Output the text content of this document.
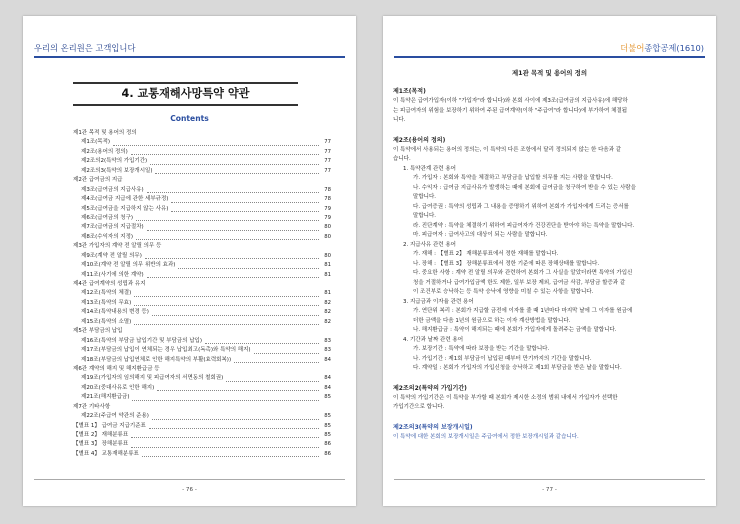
우리의 온리원은 고객입니다
4. 교통재해사망특약 약관
Contents
제1관 목적 및 용어의 정의
제1조(목적)	77
제2조(용어의 정의)	77
제2조의2(특약의 가입기간)	77
제2조의3(특약의 보장개시일)	77
제2관 급여금의 지급
제3조(급여금의 지급사유)	78
제4조(급여금 지급에 관한 세부규정)	78
제5조(급여금을 지급하지 않는 사유)	79
제6조(급여금의 청구)	79
제7조(급여금의 지급절차)	80
제8조(수익자의 지정)	80
제3관 가입자의 계약 전 알릴 의무 등
제9조(계약 전 알릴 의무)	80
제10조(계약 전 알릴 의무 위반의 효과)	81
제11조(사기에 의한 계약)	81
제4관 급여계약의 성립과 유지
제12조(특약의 체결)	81
제13조(특약의 무효)	82
제14조(특약내용의 변경 등)	82
제15조(특약의 소멸)	82
제5관 부담금의 납입
제16조(특약의 부담금 납입기간 및 부담금의 납입)	83
제17조(부담금의 납입이 연체되는 경우 납입최고(독촉)와 특약의 해지)	83
제18조(부담금의 납입연체로 인한 해지특약의 부활(효력회복))	84
제6관 계약의 해지 및 해지환급금 등
제19조(가입자의 임의해지 및 피급여자의 서면동의 철회권)	84
제20조(중대사유로 인한 해지)	84
제21조(해지환급금)	85
제7관 기타사항
제22조(주급여 약관의 준용)	85
【별표 1】 급여금 지급기준표	85
【별표 2】 재해분류표	85
【별표 3】 장해분류표	86
【별표 4】 교통재해분류표	86
- 76 -
더불어종합공제(1610)
제1관 목적 및 용어의 정의
제1조(목적)
이 특약은 급여가입자(이하 "가입자"라 합니다)와 본회 사이에 제3조(급여금의 지급사유)에 해당하
는 피급여자의 위험을 보장하기 위하여 주된 급여계약(이하 "주급여"라 합니다)에 부가하여 체결됩
니다.
제2조(용어의 정의)
이 특약에서 사용되는 용어의 정의는, 이 특약의 다른 조항에서 달리 정의되지 않는 한 다음과 같
습니다.
1. 특약관계 관련 용어
가. 가입자 : 본회와 특약을 체결하고 부담금을 납입할 의무를 지는 사람을 말합니다.
나. 수익자 : 급여금 지급사유가 발생하는 때에 본회에 급여금을 청구하여 받을 수 있는 사람을
말합니다.
다. 급여증권 : 특약의 성립과 그 내용을 증명하기 위하여 본회가 가입자에게 드리는 증서를
말합니다.
라. 진단계약 : 특약을 체결하기 위하여 피급여자가 건강진단을 받아야 하는 특약을 말합니다.
마. 피급여자 : 급여사고의 대상이 되는 사람을 말합니다.
2. 지급사유 관련 용어
가. 재해 : 【별표 2】 재해분류표에서 정한 재해를 말합니다.
나. 장해 : 【별표 3】 장해분류표에서 정한 기준에 따른 장해상태를 말합니다.
다. 중요한 사항 : 계약 전 알릴 의무와 관련하여 본회가 그 사실을 알았더라면 특약의 가입신
청을 거절하거나 급여가입금액 한도 제한, 일부 보장 제외, 급여금 삭감, 부담금 할증과 같
이 조건부로 승낙하는 등 특약 승낙에 영향을 미칠 수 있는 사항을 말합니다.
3. 지급금과 이자율 관련 용어
가. 연단위 복리 : 본회가 지급할 금전에 이자를 줄 때 1년마다 마지막 날에 그 이자를 원금에
더한 금액을 다음 1년의 원금으로 하는 이자 계산방법을 말합니다.
나. 해지환급금 : 특약이 해지되는 때에 본회가 가입자에게 돌려주는 금액을 말합니다.
4. 기간과 날짜 관련 용어
가. 보장기간 : 특약에 따라 보장을 받는 기간을 말합니다.
나. 가입기간 : 제1회 부담금이 납입된 때부터 만기까지의 기간을 말합니다.
다. 계약일 : 본회가 가입자의 가입신청을 승낙하고 제1회 부담금을 받은 날을 말합니다.
제2조의2(특약의 가입기간)
이 특약의 가입기간은 이 특약을 부가할 때 본회가 제시한 소정의 범위 내에서 가입자가 선택한
가입기간으로 합니다.
제2조의3(특약의 보장개시일)
이 특약에 대한 본회의 보장개시일은 주급여에서 정한 보장개시일과 같습니다.
- 77 -
